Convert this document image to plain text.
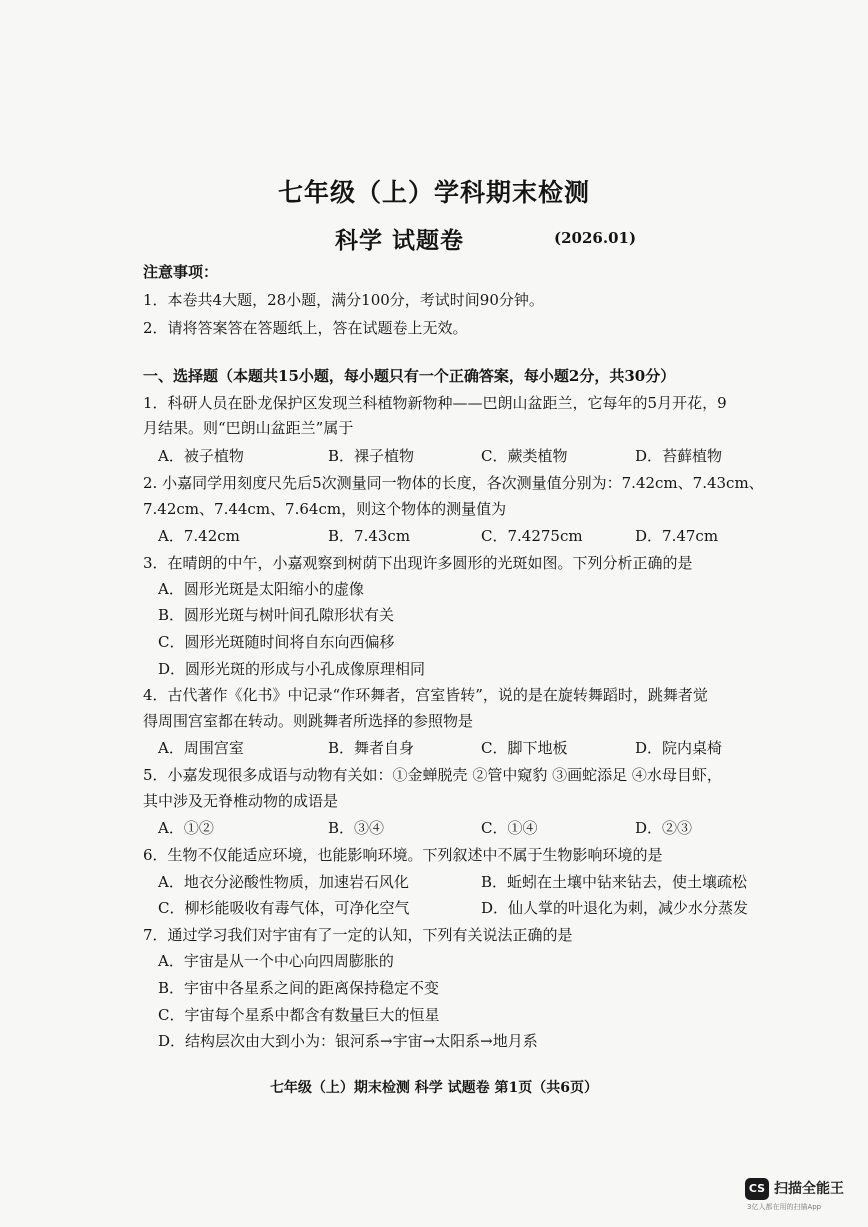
七年级（上）学科期末检测
科学 试题卷	(2026.01)
注意事项：
1．本卷共4大题，28小题，满分100分，考试时间90分钟。
2．请将答案答在答题纸上，答在试题卷上无效。
一、选择题（本题共15小题，每小题只有一个正确答案，每小题2分，共30分）
1．科研人员在卧龙保护区发现兰科植物新物种——巴朗山盆距兰，它每年的5月开花，9
月结果。则“巴朗山盆距兰”属于
A．被子植物	B．裸子植物	C．蕨类植物	D．苔藓植物
2. 小嘉同学用刻度尺先后5次测量同一物体的长度，各次测量值分别为：7.42cm、7.43cm、
7.42cm、7.44cm、7.64cm，则这个物体的测量值为
A．7.42cm	B．7.43cm	C．7.4275cm	D．7.47cm
3．在晴朗的中午，小嘉观察到树荫下出现许多圆形的光斑如图。下列分析正确的是
A．圆形光斑是太阳缩小的虚像
B．圆形光斑与树叶间孔隙形状有关
C．圆形光斑随时间将自东向西偏移
D．圆形光斑的形成与小孔成像原理相同
4．古代著作《化书》中记录“作环舞者，宫室皆转”，说的是在旋转舞蹈时，跳舞者觉
得周围宫室都在转动。则跳舞者所选择的参照物是
A．周围宫室	B．舞者自身	C．脚下地板	D．院内桌椅
5．小嘉发现很多成语与动物有关如：①金蝉脱壳 ②管中窥豹 ③画蛇添足 ④水母目虾，
其中涉及无脊椎动物的成语是
A．①②	B．③④	C．①④	D．②③
6．生物不仅能适应环境，也能影响环境。下列叙述中不属于生物影响环境的是
A．地衣分泌酸性物质，加速岩石风化	B．蚯蚓在土壤中钻来钻去，使土壤疏松
C．柳杉能吸收有毒气体，可净化空气	D．仙人掌的叶退化为刺，减少水分蒸发
7．通过学习我们对宇宙有了一定的认知，下列有关说法正确的是
A．宇宙是从一个中心向四周膨胀的
B．宇宙中各星系之间的距离保持稳定不变
C．宇宙每个星系中都含有数量巨大的恒星
D．结构层次由大到小为：银河系→宇宙→太阳系→地月系
七年级（上）期末检测 科学 试题卷 第1页（共6页）
CS 扫描全能王
3亿人都在用的扫描App
